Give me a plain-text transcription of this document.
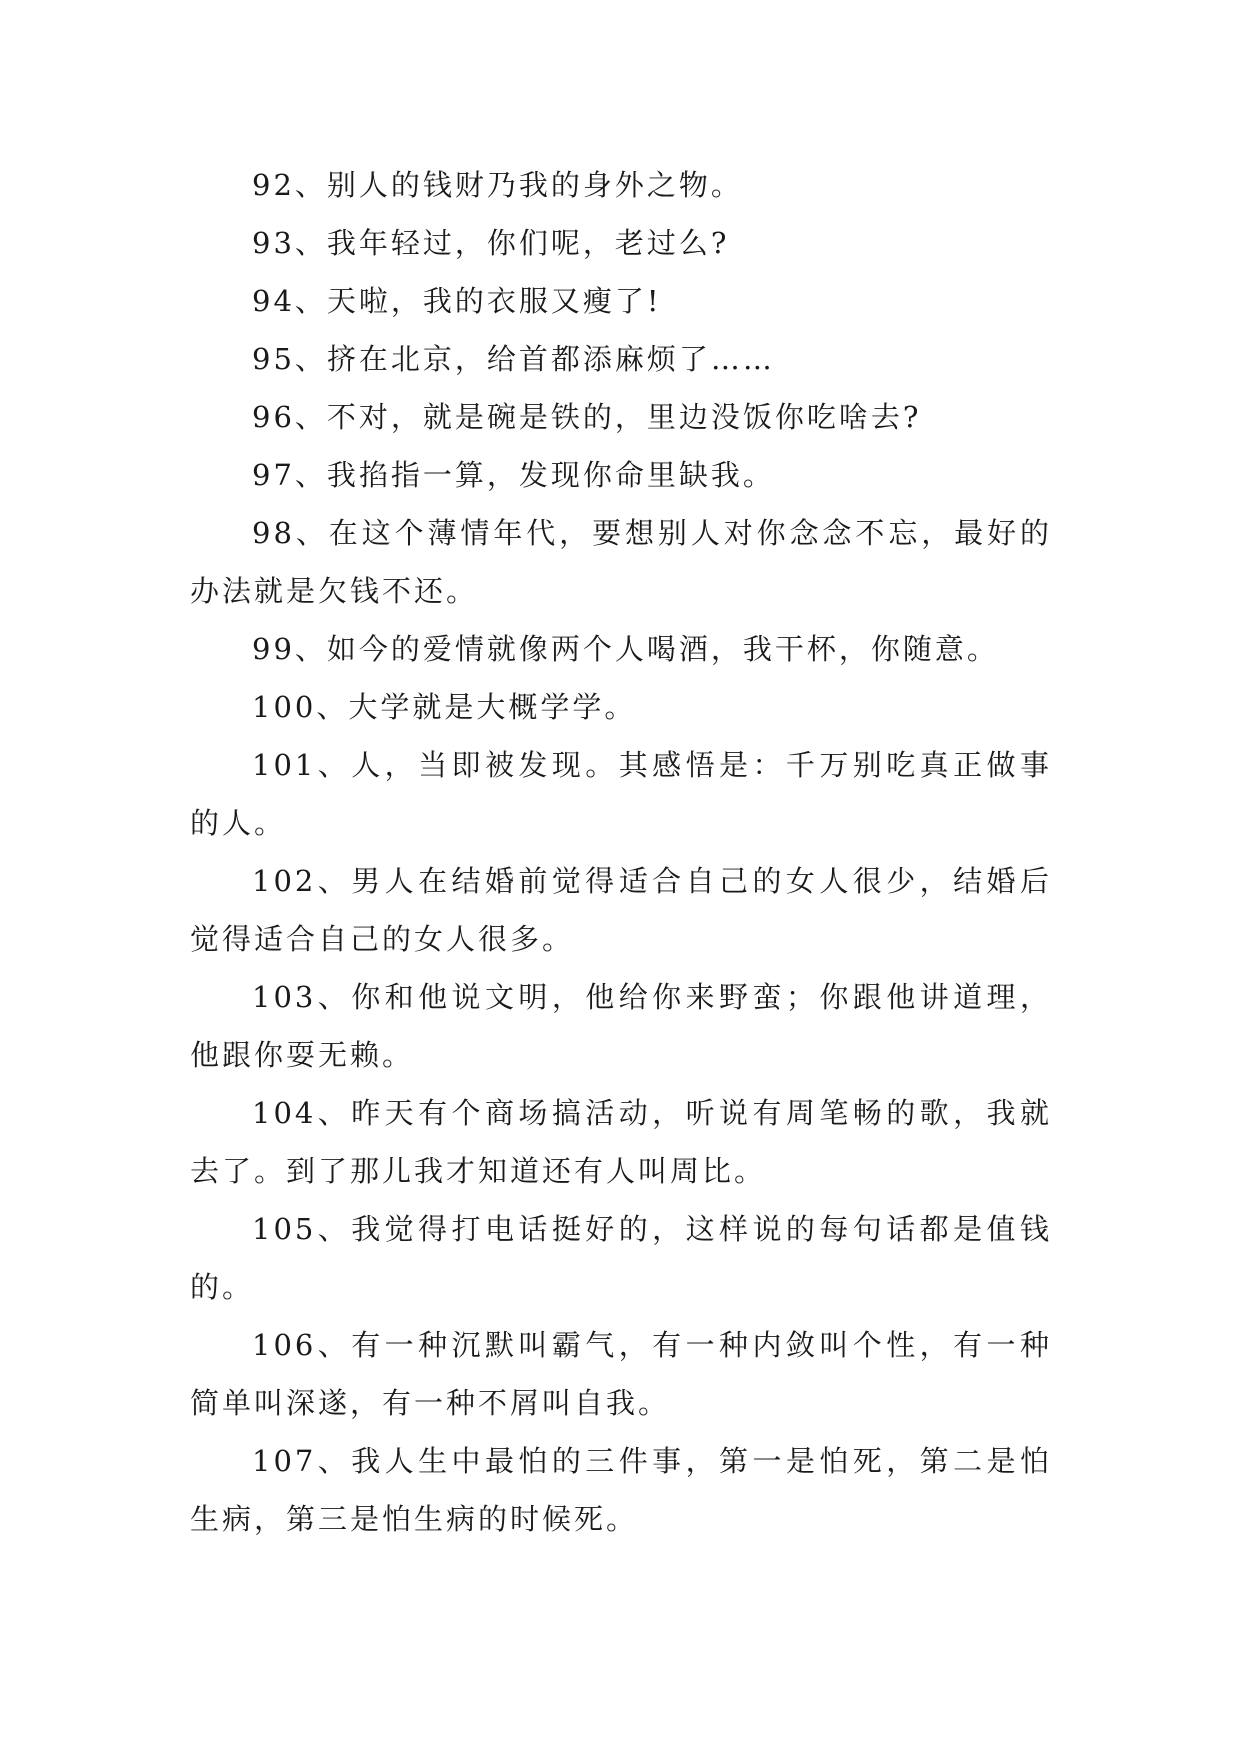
92、别人的钱财乃我的身外之物。

93、我年轻过，你们呢，老过么?

94、天啦，我的衣服又瘦了!

95、挤在北京，给首都添麻烦了……

96、不对，就是碗是铁的，里边没饭你吃啥去?

97、我掐指一算，发现你命里缺我。

98、在这个薄情年代，要想别人对你念念不忘，最好的办法就是欠钱不还。

99、如今的爱情就像两个人喝酒，我干杯，你随意。

100、大学就是大概学学。

101、人，当即被发现。其感悟是：千万别吃真正做事的人。

102、男人在结婚前觉得适合自己的女人很少，结婚后觉得适合自己的女人很多。

103、你和他说文明，他给你来野蛮；你跟他讲道理，他跟你耍无赖。

104、昨天有个商场搞活动，听说有周笔畅的歌，我就去了。到了那儿我才知道还有人叫周比。

105、我觉得打电话挺好的，这样说的每句话都是值钱的。

106、有一种沉默叫霸气，有一种内敛叫个性，有一种简单叫深遂，有一种不屑叫自我。

107、我人生中最怕的三件事，第一是怕死，第二是怕生病，第三是怕生病的时候死。
